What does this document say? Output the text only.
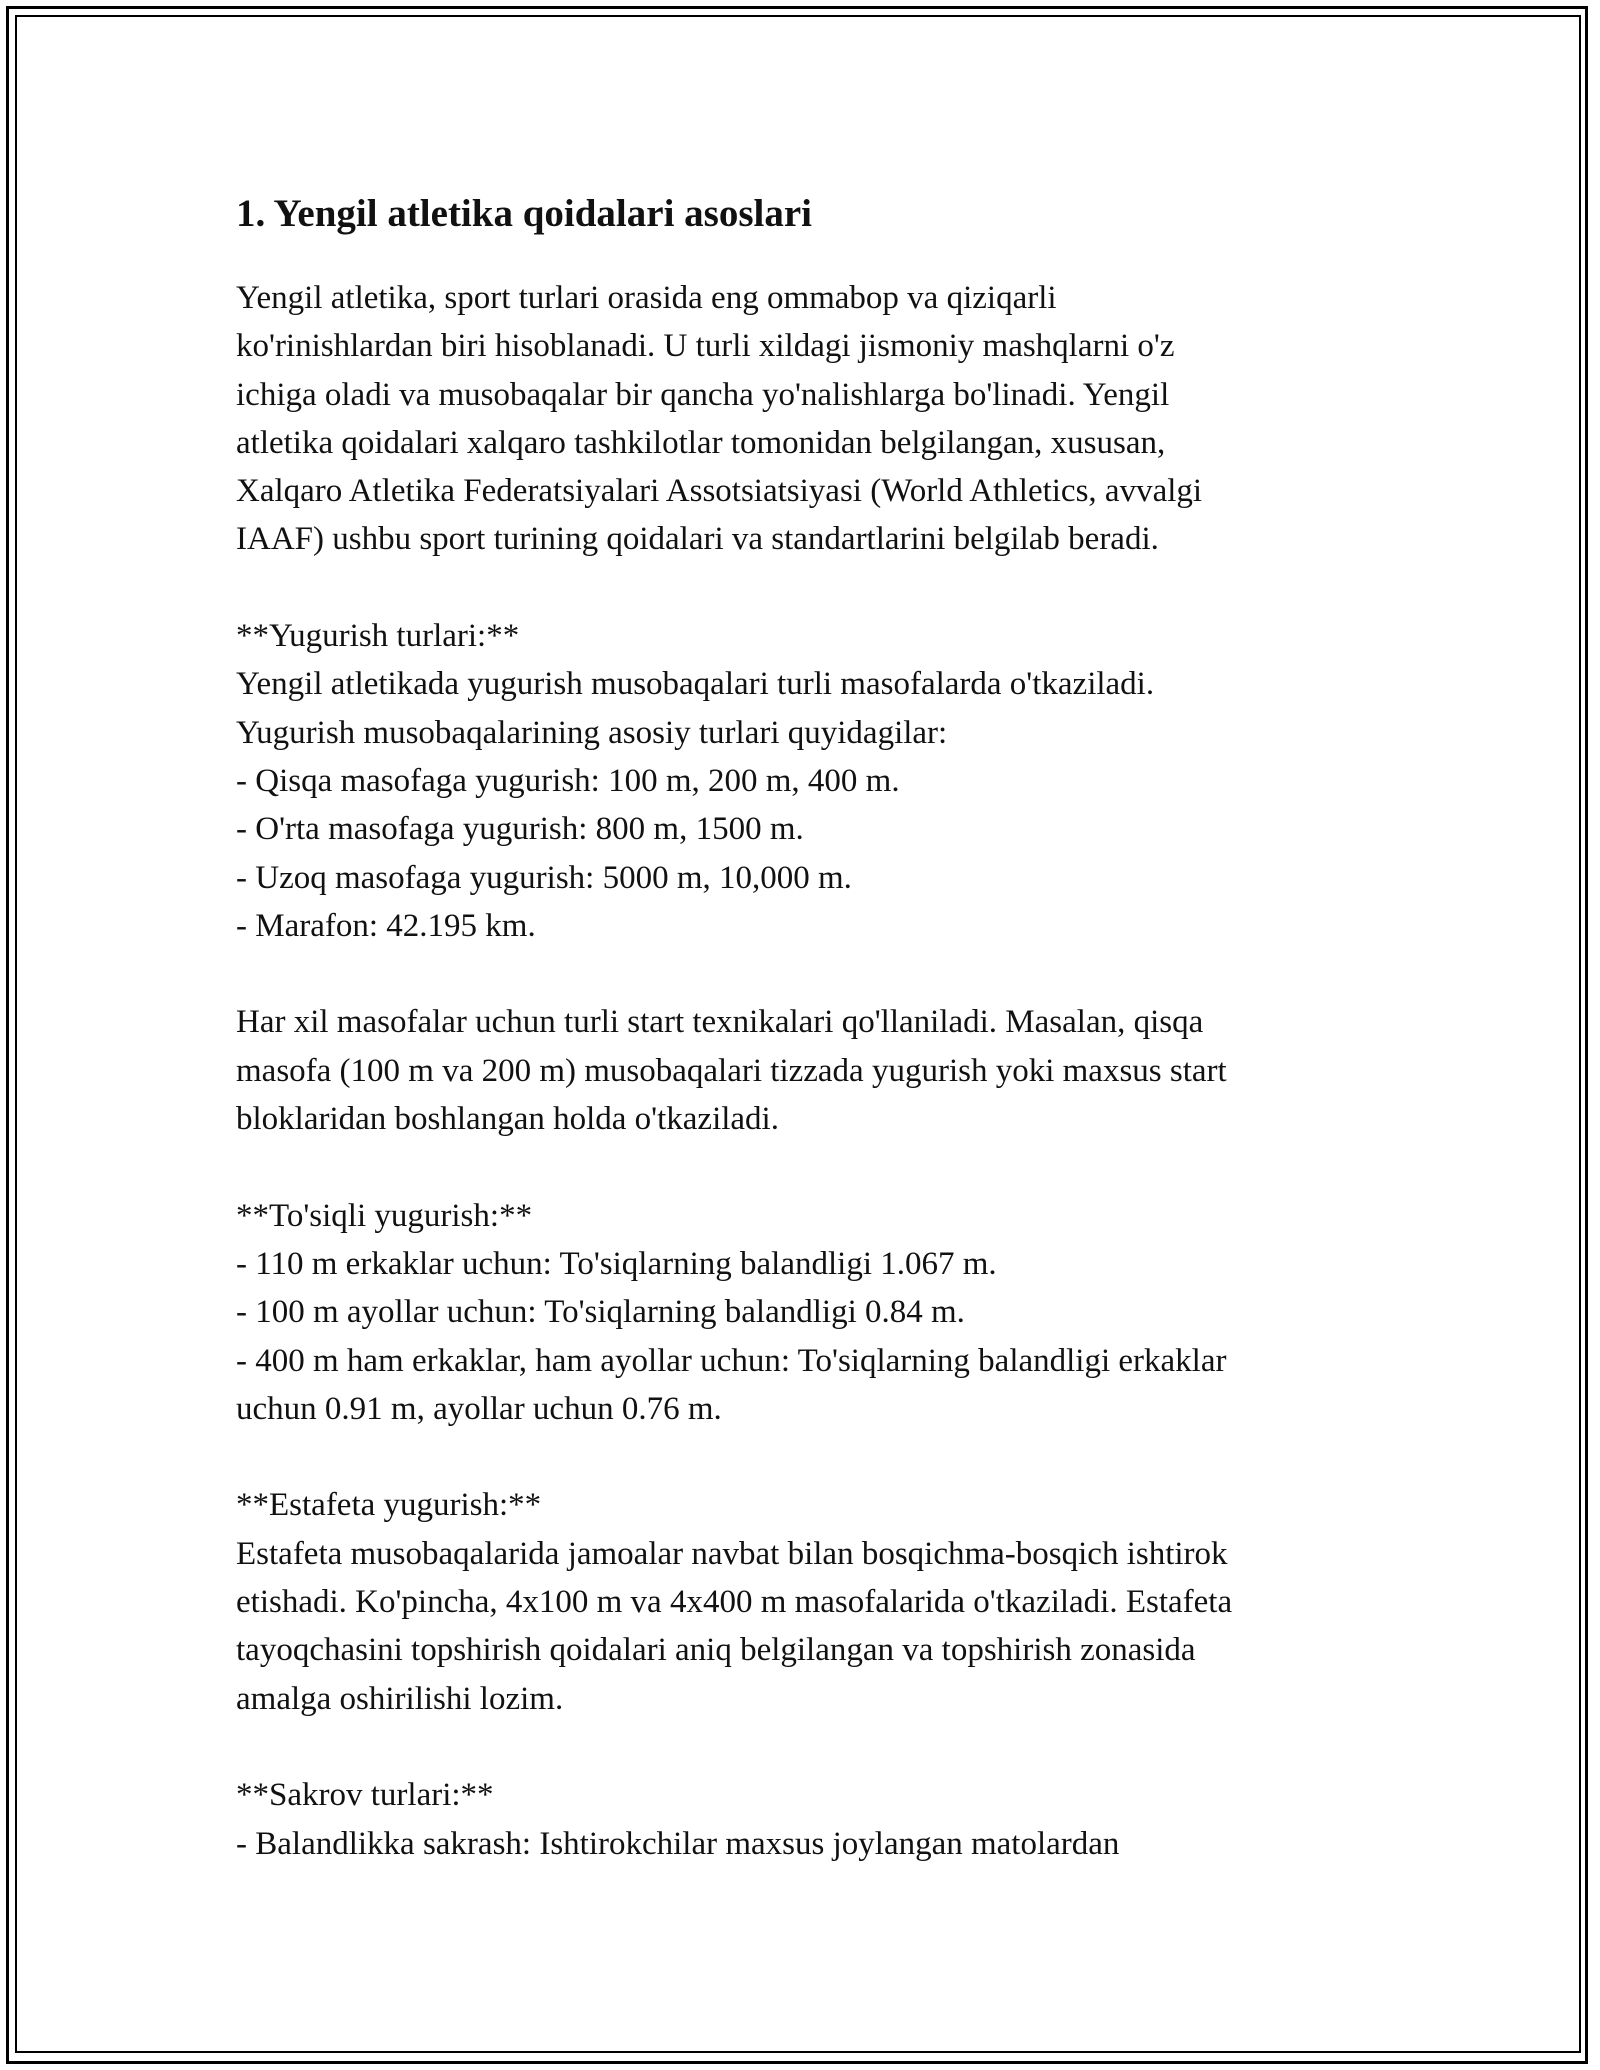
1. Yengil atletika qoidalari asoslari

Yengil atletika, sport turlari orasida eng ommabop va qiziqarli
ko'rinishlardan biri hisoblanadi. U turli xildagi jismoniy mashqlarni o'z
ichiga oladi va musobaqalar bir qancha yo'nalishlarga bo'linadi. Yengil
atletika qoidalari xalqaro tashkilotlar tomonidan belgilangan, xususan,
Xalqaro Atletika Federatsiyalari Assotsiatsiyasi (World Athletics, avvalgi
IAAF) ushbu sport turining qoidalari va standartlarini belgilab beradi.

**Yugurish turlari:**
Yengil atletikada yugurish musobaqalari turli masofalarda o'tkaziladi.
Yugurish musobaqalarining asosiy turlari quyidagilar:
- Qisqa masofaga yugurish: 100 m, 200 m, 400 m.
- O'rta masofaga yugurish: 800 m, 1500 m.
- Uzoq masofaga yugurish: 5000 m, 10,000 m.
- Marafon: 42.195 km.

Har xil masofalar uchun turli start texnikalari qo'llaniladi. Masalan, qisqa
masofa (100 m va 200 m) musobaqalari tizzada yugurish yoki maxsus start
bloklaridan boshlangan holda o'tkaziladi.

**To'siqli yugurish:**
- 110 m erkaklar uchun: To'siqlarning balandligi 1.067 m.
- 100 m ayollar uchun: To'siqlarning balandligi 0.84 m.
- 400 m ham erkaklar, ham ayollar uchun: To'siqlarning balandligi erkaklar
uchun 0.91 m, ayollar uchun 0.76 m.

**Estafeta yugurish:**
Estafeta musobaqalarida jamoalar navbat bilan bosqichma-bosqich ishtirok
etishadi. Ko'pincha, 4x100 m va 4x400 m masofalarida o'tkaziladi. Estafeta
tayoqchasini topshirish qoidalari aniq belgilangan va topshirish zonasida
amalga oshirilishi lozim.

**Sakrov turlari:**
- Balandlikka sakrash: Ishtirokchilar maxsus joylangan matolardan
